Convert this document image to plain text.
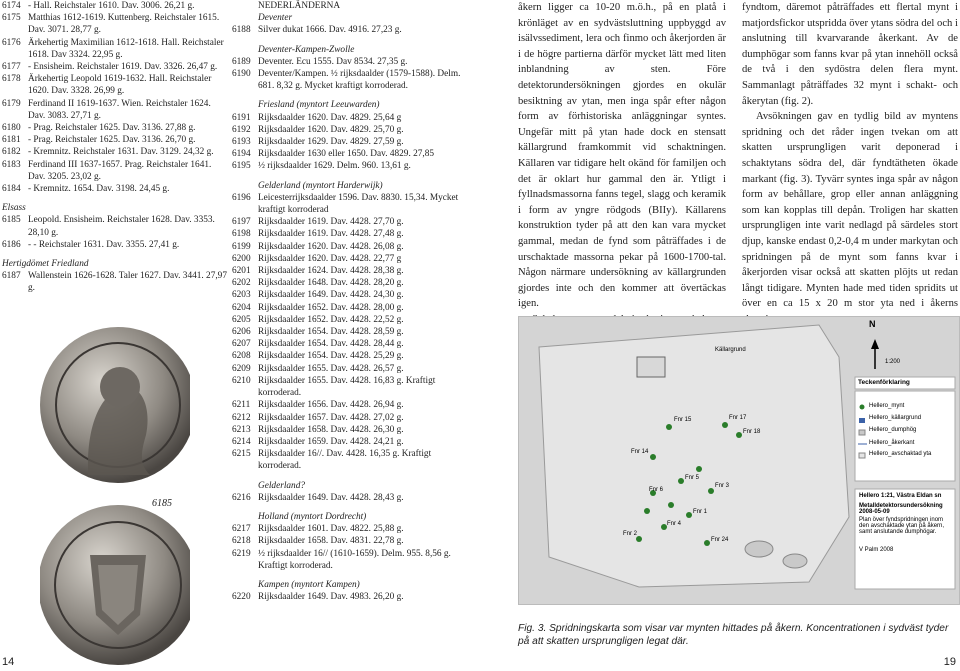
6174 - Hall. Reichstaler 1610. Dav. 3006. 26,21 g.
6175 Matthias 1612-1619. Kuttenberg. Reichstaler 1615. Dav. 3071. 28,77 g.
6176 Ärkehertig Maximilian 1612-1618. Hall. Reichstaler 1618. Dav 3324. 22,95 g.
6177 - Ensisheim. Reichstaler 1619. Dav. 3326. 26,47 g.
6178 Ärkehertig Leopold 1619-1632. Hall. Reichstaler 1620. Dav. 3328. 26,99 g.
6179 Ferdinand II 1619-1637. Wien. Reichstaler 1624. Dav. 3083. 27,71 g.
6180 - Prag. Reichstaler 1625. Dav. 3136. 27,88 g.
6181 - Prag. Reichstaler 1625. Dav. 3136. 26,70 g.
6182 - Kremnitz. Reichstaler 1631. Dav. 3129. 24,32 g.
6183 Ferdinand III 1637-1657. Prag. Reichstaler 1641. Dav. 3205. 23,02 g.
6184 - Kremnitz. 1654. Dav. 3198. 24,45 g.
Elsass
6185 Leopold. Ensisheim. Reichstaler 1628. Dav. 3353. 28,10 g.
6186 - - Reichstaler 1631. Dav. 3355. 27,41 g.
Hertigdömet Friedland
6187 Wallenstein 1626-1628. Taler 1627. Dav. 3441. 27,97 g.
6185
NEDERLÄNDERNA
Deventer
6188 Silver dukat 1666. Dav. 4916. 27,23 g.
Deventer-Kampen-Zwolle
6189 Deventer. Ecu 1555. Dav 8534. 27,35 g.
6190 Deventer/Kampen. ½ rijksdaalder (1579-1588). Delm. 681. 8,32 g. Mycket kraftigt korroderad.
Friesland (myntort Leeuwarden)
6191 Rijksdaalder 1620. Dav. 4829. 25,64 g
6192 Rijksdaalder 1620. Dav. 4829. 25,70 g.
6193 Rijksdaalder 1629. Dav. 4829. 27,59 g.
6194 Rijksdaalder 1630 eller 1650. Dav. 4829. 27,85
6195 ½ rijksdaalder 1629. Delm. 960. 13,61 g.
Gelderland (myntort Harderwijk)
6196 Leicesterrijksdaalder 1596. Dav. 8830. 15,34. Mycket kraftigt korroderad
6197 Rijksdaalder 1619. Dav. 4428. 27,70 g.
6198 Rijksdaalder 1619. Dav. 4428. 27,48 g.
6199 Rijksdaalder 1620. Dav. 4428. 26,08 g.
6200 Rijksdaalder 1620. Dav. 4428. 22,77 g
6201 Rijksdaalder 1624. Dav. 4428. 28,38 g.
6202 Rijksdaalder 1648. Dav. 4428. 28,20 g.
6203 Rijksdaalder 1649. Dav. 4428. 24,30 g.
6204 Rijksdaalder 1652. Dav. 4428. 28,00 g.
6205 Rijksdaalder 1652. Dav. 4428. 22,52 g.
6206 Rijksdaalder 1654. Dav. 4428. 28,59 g.
6207 Rijksdaalder 1654. Dav. 4428. 28,44 g.
6208 Rijksdaalder 1654. Dav. 4428. 25,29 g.
6209 Rijksdaalder 1655. Dav. 4428. 26,57 g.
6210 Rijksdaalder 1655. Dav. 4428. 16,83 g. Kraftigt korroderad.
6211 Rijksdaalder 1656. Dav. 4428. 26,94 g.
6212 Rijksdaalder 1657. Dav. 4428. 27,02 g.
6213 Rijksdaalder 1658. Dav. 4428. 26,30 g.
6214 Rijksdaalder 1659. Dav. 4428. 24,21 g.
6215 Rijksdaalder 16//. Dav. 4428. 16,35 g. Kraftigt korroderad.
Gelderland?
6216 Rijksdaalder 1649. Dav. 4428. 28,43 g.
Holland (myntort Dordrecht)
6217 Rijksdaalder 1601. Dav. 4822. 25,88 g.
6218 Rijksdaalder 1658. Dav. 4831. 22,78 g.
6219 ½ rijksdaalder 16// (1610-1659). Delm. 955. 8,56 g. Kraftigt korroderad.
Kampen (myntort Kampen)
6220 Rijksdaalder 1649. Dav. 4983. 26,20 g.

åkern ligger ca 10-20 m.ö.h., på en platå i krönläget av en sydvästsluttning uppbyggd av isälvssediment, lera och finmo och åkerjorden är i de högre partierna därför mycket lätt med liten inblandning av sten. Före detektorundersökningen gjordes en okulär besiktning av ytan, men inga spår efter någon form av förhistoriska anläggningar syntes. Ungefär mitt på ytan hade dock en stensatt källargrund framkommit vid schaktningen. Källaren var tidigare helt okänd för familjen och det är oklart hur gammal den är. Ytligt i fyllnadsmassorna fanns tegel, slagg och keramik i form av yngre rödgods (BIIy). Källarens konstruktion tyder på att den kan vara mycket gammal, medan de fynd som påträffades i de urschaktade massorna pekar på 1600-1700-tal. Någon närmare undersökning av källargrunden gjordes inte och den kommer att övertäckas igen.

fyndtom, däremot påträffades ett flertal mynt i matjordsfickor utspridda över ytans södra del och i anslutning till kvarvarande åkerkant. Av de dumphögar som fanns kvar på ytan innehöll också de två i den sydöstra delen flera mynt. Sammanlagt påträffades 32 mynt i schakt- och åkerytan (fig. 2).

Avsökningen gav en tydlig bild av myntens spridning och det råder ingen tvekan om att skatten ursprungligen varit deponerad i schaktytans södra del, där fyndtätheten ökade markant (fig. 3). Tyvärr syntes inga spår av någon form av behållare, grop eller annan anläggning som kan kopplas till depån. Troligen har skatten ursprungligen inte varit nedlagd på särdeles stort djup, kanske endast 0,2-0,4 m under markytan och spridningen på de mynt som fanns kvar i åkerjorden visar också att skatten plöjts ut redan långt tidigare. Mynten hade med tiden spridits ut över en ca 15 x 20 m stor yta ned i åkerns

N
1:200
Teckenförklaring
Hellero_mynt
Hellero_källargrund
Hellero_dumphög
Hellero_åkerkant
Hellero_avschaktad yta
Källargrund
Fnr 15	Fnr 17
Fnr 18
Fnr 14
Fnr 3
Fnr 1
Fnr 2
Fnr 24
Fnr 4
Fnr 6
Fnr 5
Hellero 1:21, Västra Eldan sn
Metalldetektorsundersökning 2008-05-09
Plan över fyndspridningen inom den avschaktade ytan på åkern, samt anslutande dumphögar.
V Palm 2008
Fig. 3. Spridningskarta som visar var mynten hittades på åkern. Koncentrationen i sydväst tyder på att skatten ursprungligen legat där.
14	19
